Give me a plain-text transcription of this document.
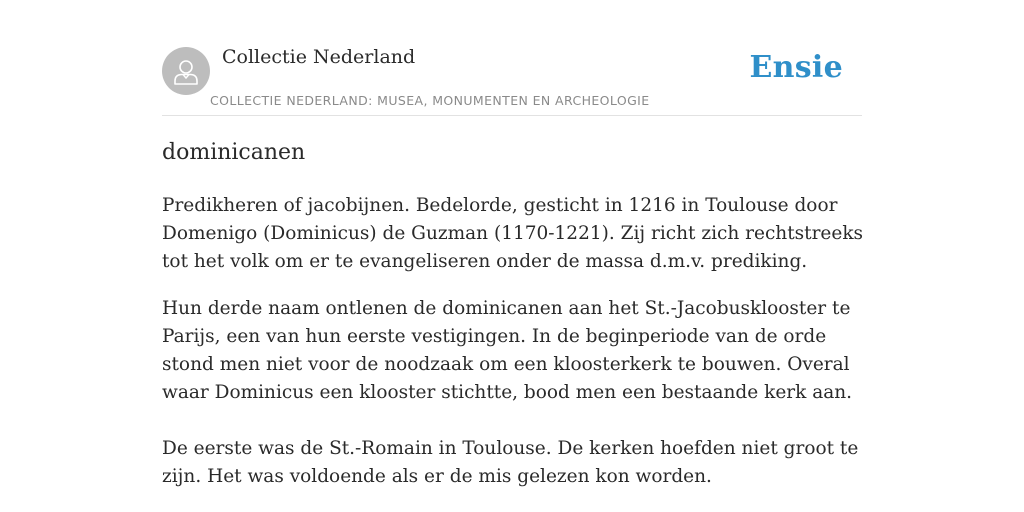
Collectie Nederland
COLLECTIE NEDERLAND: MUSEA, MONUMENTEN EN ARCHEOLOGIE
Ensie
dominicanen

Predikheren of jacobijnen. Bedelorde, gesticht in 1216 in Toulouse door Domenigo (Dominicus) de Guzman (1170-1221). Zij richt zich rechtstreeks tot het volk om er te evangeliseren onder de massa d.m.v. prediking.

Hun derde naam ontlenen de dominicanen aan het St.-Jacobusklooster te Parijs, een van hun eerste vestigingen. In de beginperiode van de orde stond men niet voor de noodzaak om een kloosterkerk te bouwen. Overal waar Dominicus een klooster stichtte, bood men een bestaande kerk aan.

De eerste was de St.-Romain in Toulouse. De kerken hoefden niet groot te zijn. Het was voldoende als er de mis gelezen kon worden.
